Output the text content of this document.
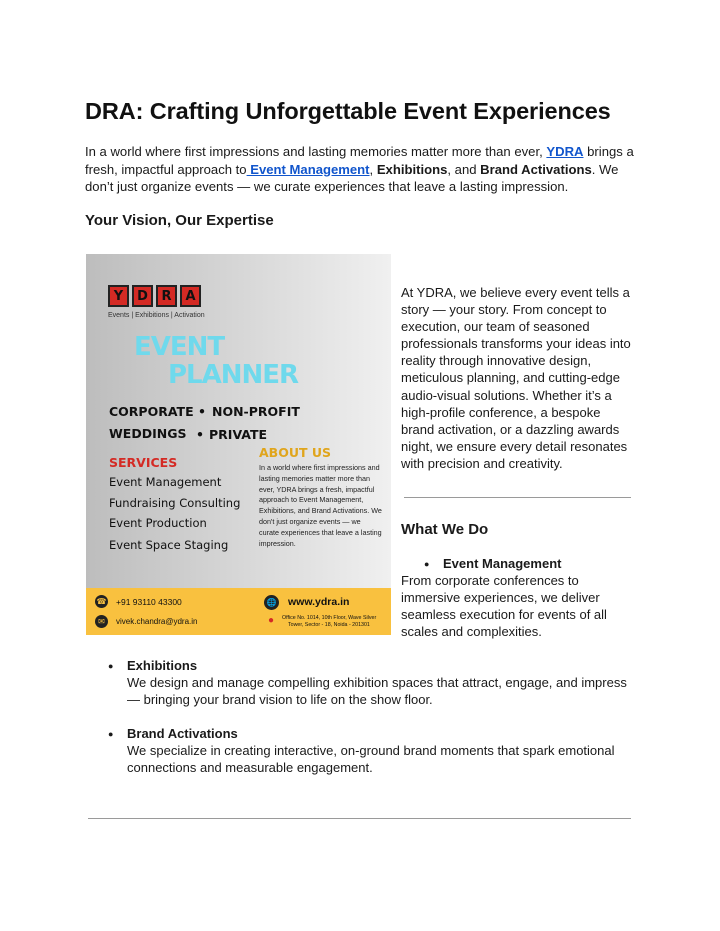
DRA: Crafting Unforgettable Event Experiences

In a world where first impressions and lasting memories matter more than ever, YDRA brings a fresh, impactful approach to Event Management, Exhibitions, and Brand Activations. We don’t just organize events — we curate experiences that leave a lasting impression.

Your Vision, Our Expertise
Y	D	R	A
Events | Exhibitions | Activation
EVENT
PLANNER
CORPORATE • NON-PROFIT
WEDDINGS • PRIVATE
SERVICES
Event Management
Fundraising Consulting
Event Production
Event Space Staging
ABOUT US

In a world where first impressions and lasting memories matter more than ever, YDRA brings a fresh, impactful approach to Event Management, Exhibitions, and Brand Activations. We don't just organize events — we curate experiences that leave a lasting impression.

☎ +91 93110 43300
✉	vivek.chandra@ydra.in
🌐 www.ydra.in
● Office No. 1014, 10th Floor, Wave Silver
Tower, Sector - 18, Noida - 201301

At YDRA, we believe every event tells a story — your story. From concept to execution, our team of seasoned professionals transforms your ideas into reality through innovative design, meticulous planning, and cutting-edge audio-visual solutions. Whether it’s a high-profile conference, a bespoke brand activation, or a dazzling awards night, we ensure every detail resonates with precision and creativity.

What We Do
● Event Management

From corporate conferences to immersive experiences, we deliver seamless execution for events of all scales and complexities.

● Exhibitions

We design and manage compelling exhibition spaces that attract, engage, and impress — bringing your brand vision to life on the show floor.

● Brand Activations

We specialize in creating interactive, on-ground brand moments that spark emotional connections and measurable engagement.
